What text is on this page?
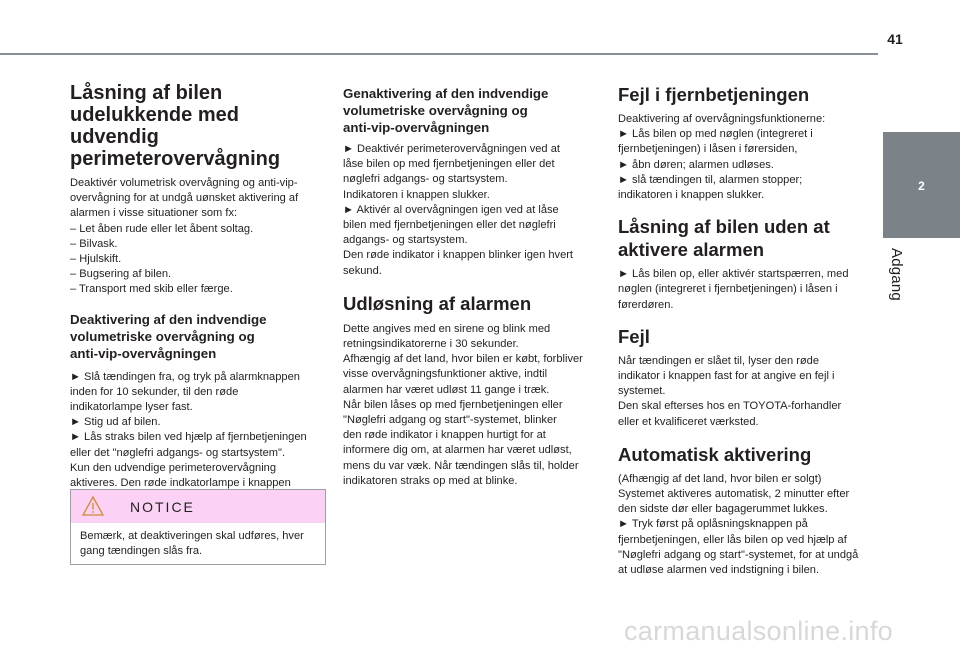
41
2
Adgang
Låsning af bilen
udelukkende med udvendig
perimeterovervågning

Deaktivér volumetrisk overvågning og anti-vip-
overvågning for at undgå uønsket aktivering af
alarmen i visse situationer som fx:
– Let åben rude eller let åbent soltag.
– Bilvask.
– Hjulskift.
– Bugsering af bilen.
– Transport med skib eller færge.

Deaktivering af den indvendige
volumetriske overvågning og
anti-vip-overvågningen

► Slå tændingen fra, og tryk på alarmknappen
inden for 10 sekunder, til den røde
indikatorlampe lyser fast.
► Stig ud af bilen.
► Lås straks bilen ved hjælp af fjernbetjeningen
eller det "nøglefri adgangs- og startsystem".
Kun den udvendige perimeterovervågning
aktiveres. Den røde indkatorlampe i knappen

NOTICE

Bemærk, at deaktiveringen skal udføres, hver
gang tændingen slås fra.

Genaktivering af den indvendige
volumetriske overvågning og
anti-vip-overvågningen

► Deaktivér perimeterovervågningen ved at
låse bilen op med fjernbetjeningen eller det
nøglefri adgangs- og startsystem.
Indikatoren i knappen slukker.
► Aktivér al overvågningen igen ved at låse
bilen med fjernbetjeningen eller det nøglefri
adgangs- og startsystem.
Den røde indikator i knappen blinker igen hvert
sekund.

Udløsning af alarmen

Dette angives med en sirene og blink med
retningsindikatorerne i 30 sekunder.
Afhængig af det land, hvor bilen er købt, forbliver
visse overvågningsfunktioner aktive, indtil
alarmen har været udløst 11 gange i træk.
Når bilen låses op med fjernbetjeningen eller
"Nøglefri adgang og start"-systemet, blinker
den røde indikator i knappen hurtigt for at
informere dig om, at alarmen har været udløst,
mens du var væk. Når tændingen slås til, holder
indikatoren straks op med at blinke.

Fejl i fjernbetjeningen

Deaktivering af overvågningsfunktionerne:
► Lås bilen op med nøglen (integreret i
fjernbetjeningen) i låsen i førersiden,
► åbn døren; alarmen udløses.
► slå tændingen til, alarmen stopper;
indikatoren i knappen slukker.

Låsning af bilen uden at
aktivere alarmen

► Lås bilen op, eller aktivér startspærren, med
nøglen (integreret i fjernbetjeningen) i låsen i
førerdøren.

Fejl

Når tændingen er slået til, lyser den røde
indikator i knappen fast for at angive en fejl i
systemet.
Den skal efterses hos en TOYOTA-forhandler
eller et kvalificeret værksted.

Automatisk aktivering

(Afhængig af det land, hvor bilen er solgt)
Systemet aktiveres automatisk, 2 minutter efter
den sidste dør eller bagagerummet lukkes.
► Tryk først på oplåsningsknappen på
fjernbetjeningen, eller lås bilen op ved hjælp af
"Nøglefri adgang og start"-systemet, for at undgå
at udløse alarmen ved indstigning i bilen.

carmanualsonline.info
